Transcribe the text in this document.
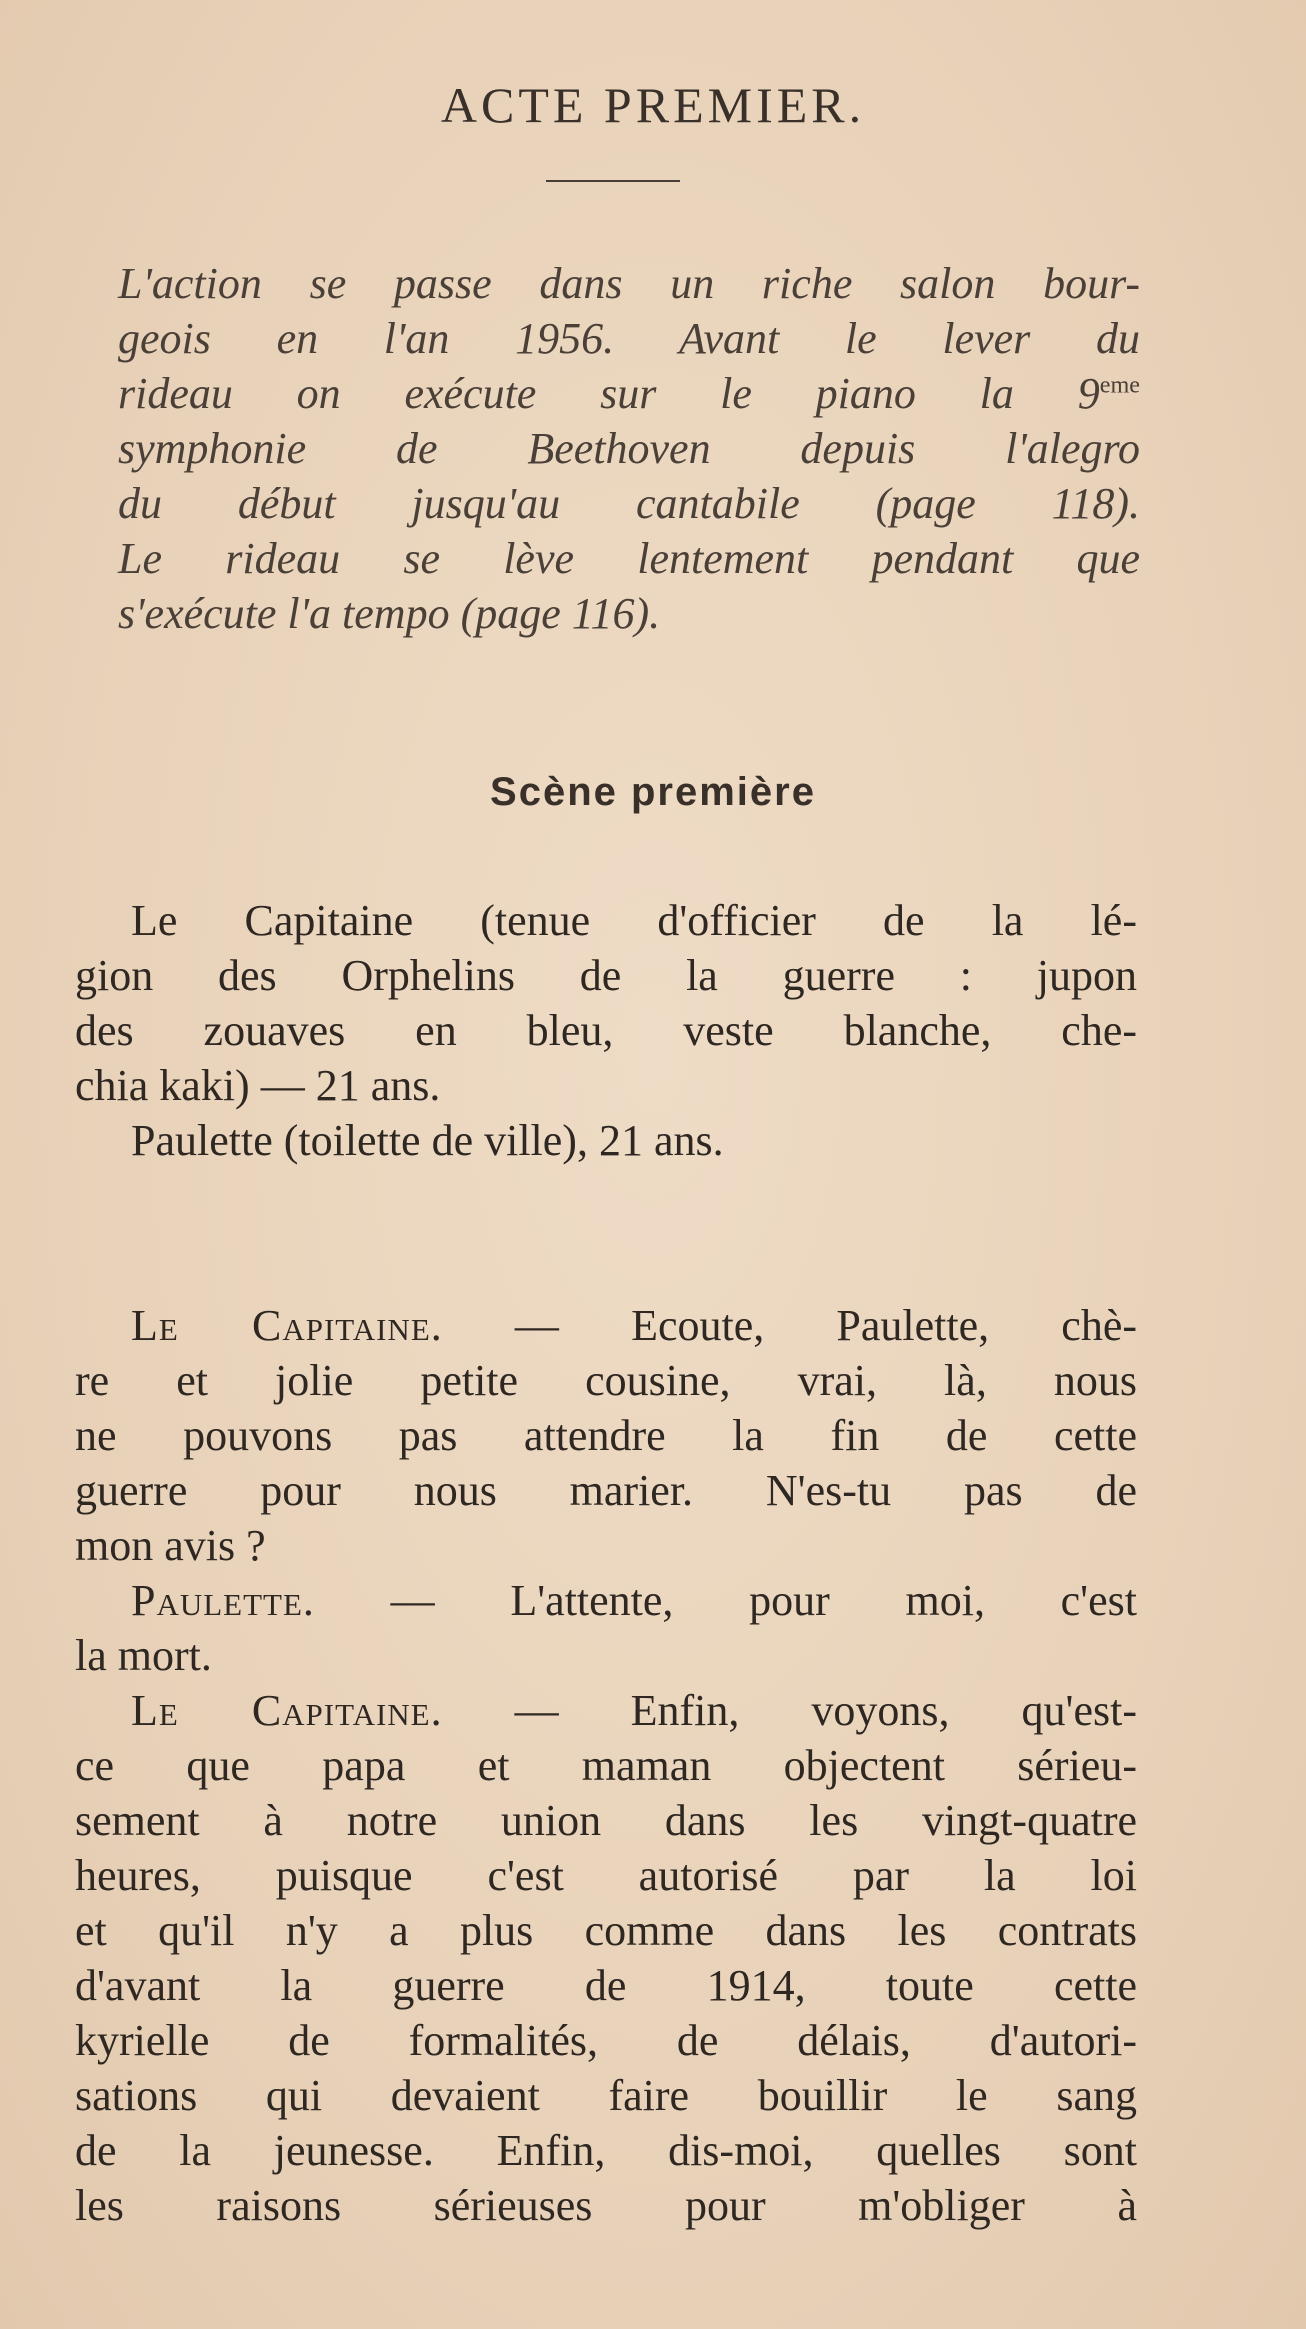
ACTE PREMIER.
L'action se passe dans un riche salon bour-
geois en l'an 1956. Avant le lever du
rideau on exécute sur le piano la 9eme
symphonie de Beethoven depuis l'alegro
du début jusqu'au cantabile (page 118).
Le rideau se lève lentement pendant que
s'exécute l'a tempo (page 116).
Scène première
Le Capitaine (tenue d'officier de la lé-
gion des Orphelins de la guerre : jupon
des zouaves en bleu, veste blanche, che-
chia kaki) — 21 ans.
Paulette (toilette de ville), 21 ans.
Le Capitaine. — Ecoute, Paulette, chè-
re et jolie petite cousine, vrai, là, nous
ne pouvons pas attendre la fin de cette
guerre pour nous marier. N'es-tu pas de
mon avis ?
Paulette. — L'attente, pour moi, c'est
la mort.
Le Capitaine. — Enfin, voyons, qu'est-
ce que papa et maman objectent sérieu-
sement à notre union dans les vingt-quatre
heures, puisque c'est autorisé par la loi
et qu'il n'y a plus comme dans les contrats
d'avant la guerre de 1914, toute cette
kyrielle de formalités, de délais, d'autori-
sations qui devaient faire bouillir le sang
de la jeunesse. Enfin, dis-moi, quelles sont
les raisons sérieuses pour m'obliger à
